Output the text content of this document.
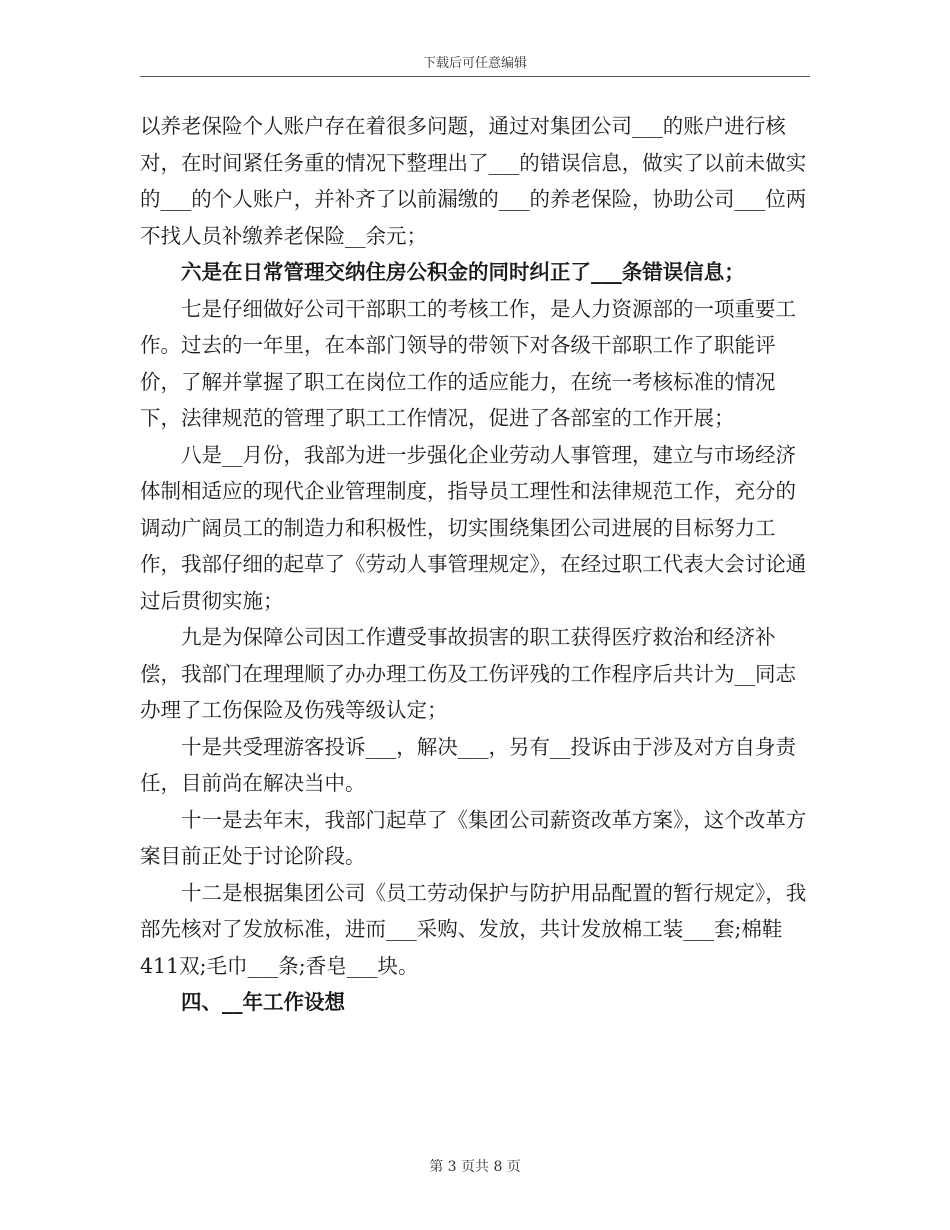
下载后可任意编辑

以养老保险个人账户存在着很多问题，通过对集团公司___的账户进行核对，在时间紧任务重的情况下整理出了___的错误信息，做实了以前未做实的___的个人账户，并补齐了以前漏缴的___的养老保险，协助公司___位两不找人员补缴养老保险__余元；

六是在日常管理交纳住房公积金的同时纠正了___条错误信息；

七是仔细做好公司干部职工的考核工作，是人力资源部的一项重要工作。过去的一年里，在本部门领导的带领下对各级干部职工作了职能评价，了解并掌握了职工在岗位工作的适应能力，在统一考核标准的情况下，法律规范的管理了职工工作情况，促进了各部室的工作开展；

八是__月份，我部为进一步强化企业劳动人事管理，建立与市场经济体制相适应的现代企业管理制度，指导员工理性和法律规范工作，充分的调动广阔员工的制造力和积极性，切实围绕集团公司进展的目标努力工作，我部仔细的起草了《劳动人事管理规定》，在经过职工代表大会讨论通过后贯彻实施；

九是为保障公司因工作遭受事故损害的职工获得医疗救治和经济补偿，我部门在理理顺了办办理工伤及工伤评残的工作程序后共计为__同志办理了工伤保险及伤残等级认定；

十是共受理游客投诉___，解决___，另有__投诉由于涉及对方自身责任，目前尚在解决当中。

十一是去年末，我部门起草了《集团公司薪资改革方案》，这个改革方案目前正处于讨论阶段。

十二是根据集团公司《员工劳动保护与防护用品配置的暂行规定》，我部先核对了发放标准，进而___采购、发放，共计发放棉工装___套;棉鞋411双;毛巾___条;香皂___块。

四、__年工作设想

第 3 页共 8 页
